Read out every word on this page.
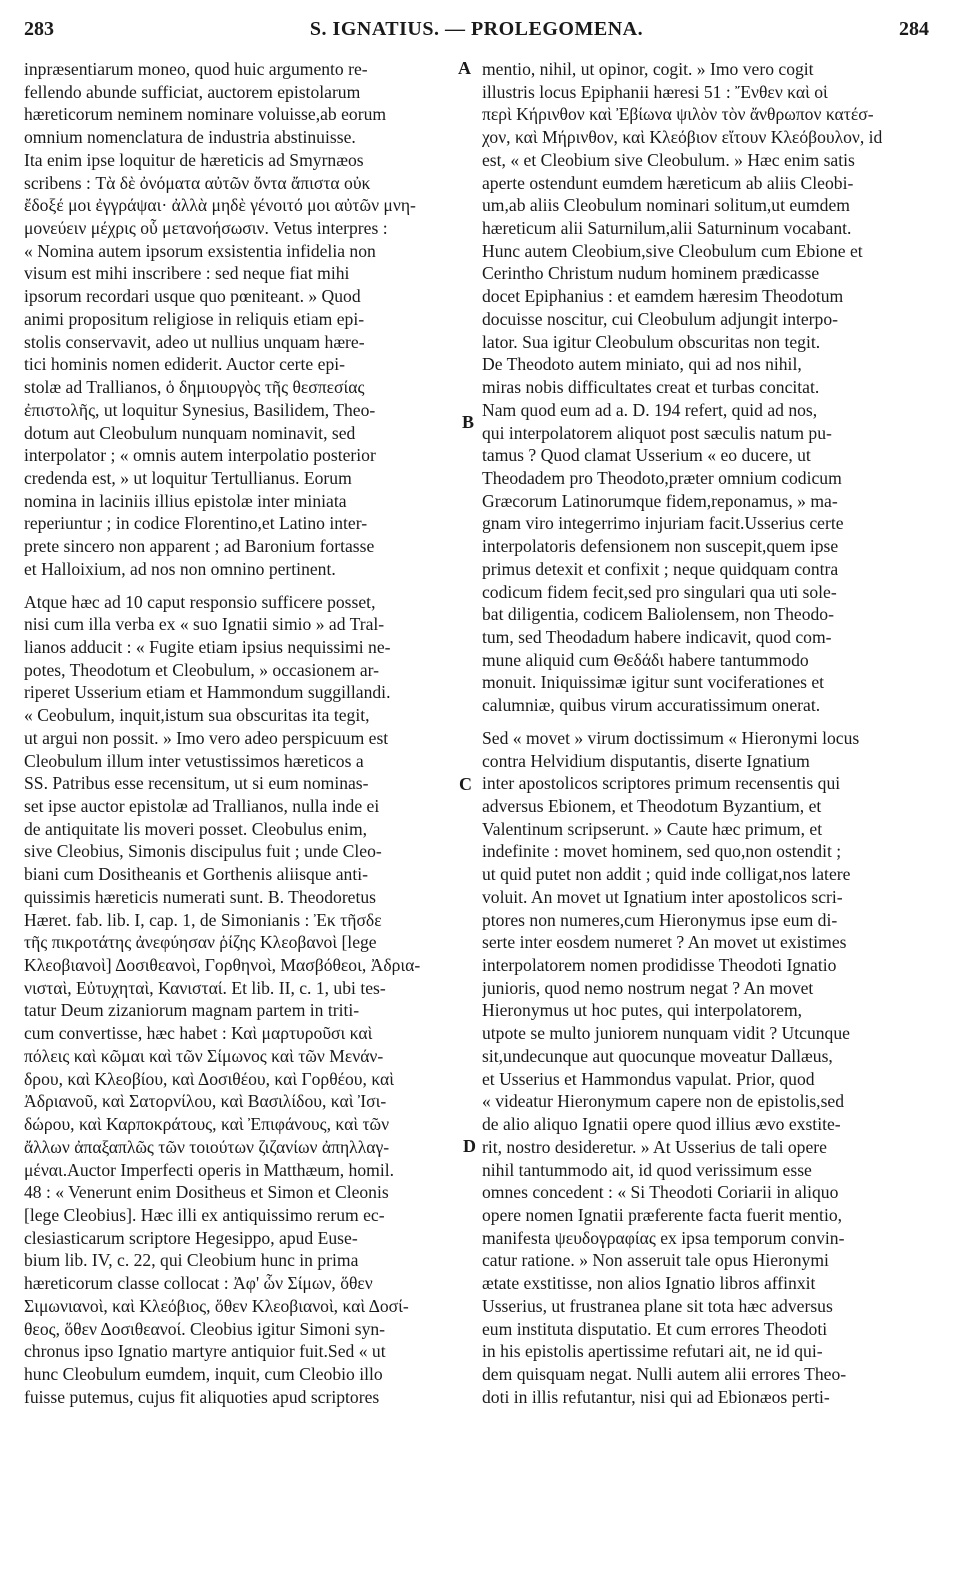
283	S. IGNATIUS. — PROLEGOMENA.	284
inpræsentiarum moneo, quod huic argumento re-
fellendo abunde sufficiat, auctorem epistolarum
hæreticorum neminem nominare voluisse,ab eorum
omnium nomenclatura de industria abstinuisse.
Ita enim ipse loquitur de hæreticis ad Smyrnæos
scribens : Τὰ δὲ ὀνόματα αὐτῶν ὄντα ἄπιστα οὐκ
ἔδοξέ μοι ἐγγράψαι· ἀλλὰ μηδὲ γένοιτό μοι αὐτῶν μνη-
μονεύειν μέχρις οὗ μετανοήσωσιν. Vetus interpres :
« Nomina autem ipsorum exsistentia infidelia non
visum est mihi inscribere : sed neque fiat mihi
ipsorum recordari usque quo pœniteant. » Quod
animi propositum religiose in reliquis etiam epi-
stolis conservavit, adeo ut nullius unquam hære-
tici hominis nomen ediderit. Auctor certe epi-
stolæ ad Trallianos, ὁ δημιουργὸς τῆς θεσπεσίας
ἐπιστολῆς, ut loquitur Synesius, Basilidem, Theo-
dotum aut Cleobulum nunquam nominavit, sed
interpolator ; « omnis autem interpolatio posterior
credenda est, » ut loquitur Tertullianus. Eorum
nomina in laciniis illius epistolæ inter miniata
reperiuntur ; in codice Florentino,et Latino inter-
prete sincero non apparent ; ad Baronium fortasse
et Halloixium, ad nos non omnino pertinent.
Atque hæc ad 10 caput responsio sufficere posset,
nisi cum illa verba ex « suo Ignatii simio » ad Tral-
lianos adducit : « Fugite etiam ipsius nequissimi ne-
potes, Theodotum et Cleobulum, » occasionem ar-
riperet Usserium etiam et Hammondum suggillandi.
« Ceobulum, inquit,istum sua obscuritas ita tegit,
ut argui non possit. » Imo vero adeo perspicuum est
Cleobulum illum inter vetustissimos hæreticos a
SS. Patribus esse recensitum, ut si eum nominas-
set ipse auctor epistolæ ad Trallianos, nulla inde ei
de antiquitate lis moveri posset. Cleobulus enim,
sive Cleobius, Simonis discipulus fuit ; unde Cleo-
biani cum Dositheanis et Gorthenis aliisque anti-
quissimis hæreticis numerati sunt. B. Theodoretus
Hæret. fab. lib. I, cap. 1, de Simonianis : Ἐκ τῆσδε
τῆς πικροτάτης ἀνεφύησαν ῥίζης Κλεοβανοὶ [lege
Κλεοβιανοὶ] Δοσιθεανοὶ, Γορθηνοὶ, Μασβόθεοι, Ἀδρια-
νισταὶ, Εὐτυχηταὶ, Κανισταί. Et lib. II, c. 1, ubi tes-
tatur Deum zizaniorum magnam partem in triti-
cum convertisse, hæc habet : Καὶ μαρτυροῦσι καὶ
πόλεις καὶ κῶμαι καὶ τῶν Σίμωνος καὶ τῶν Μενάν-
δρου, καὶ Κλεοβίου, καὶ Δοσιθέου, καὶ Γορθέου, καὶ
Ἀδριανοῦ, καὶ Σατορνίλου, καὶ Βασιλίδου, καὶ Ἰσι-
δώρου, καὶ Καρποκράτους, καὶ Ἐπιφάνους, καὶ τῶν
ἄλλων ἀπαξαπλῶς τῶν τοιούτων ζιζανίων ἀπηλλαγ-
μέναι.Auctor Imperfecti operis in Matthæum, homil.
48 : « Venerunt enim Dositheus et Simon et Cleonis
[lege Cleobius]. Hæc illi ex antiquissimo rerum ec-
clesiasticarum scriptore Hegesippo, apud Euse-
bium lib. IV, c. 22, qui Cleobium hunc in prima
hæreticorum classe collocat : Ἀφ' ὧν Σίμων, ὅθεν
Σιμωνιανοὶ, καὶ Κλεόβιος, ὅθεν Κλεοβιανοὶ, καὶ Δοσί-
θεος, ὅθεν Δοσιθεανοί. Cleobius igitur Simoni syn-
chronus ipso Ignatio martyre antiquior fuit.Sed « ut
hunc Cleobulum eumdem, inquit, cum Cleobio illo
fuisse putemus, cujus fit aliquoties apud scriptores
mentio, nihil, ut opinor, cogit. » Imo vero cogit
illustris locus Epiphanii hæresi 51 : Ἔνθεν καὶ οἱ
περὶ Κήρινθον καὶ Ἐβίωνα ψιλὸν τὸν ἄνθρωπον κατέσ-
χον, καὶ Μήρινθον, καὶ Κλεόβιον εἴτουν Κλεόβουλον, id
est, « et Cleobium sive Cleobulum. » Hæc enim satis
aperte ostendunt eumdem hæreticum ab aliis Cleobi-
um,ab aliis Cleobulum nominari solitum,ut eumdem
hæreticum alii Saturnilum,alii Saturninum vocabant.
Hunc autem Cleobium,sive Cleobulum cum Ebione et
Cerintho Christum nudum hominem prædicasse
docet Epiphanius : et eamdem hæresim Theodotum
docuisse noscitur, cui Cleobulum adjungit interpo-
lator. Sua igitur Cleobulum obscuritas non tegit.
De Theodoto autem miniato, qui ad nos nihil,
miras nobis difficultates creat et turbas concitat.
Nam quod eum ad a. D. 194 refert, quid ad nos,
qui interpolatorem aliquot post sæculis natum pu-
tamus ? Quod clamat Usserium « eo ducere, ut
Theodadem pro Theodoto,præter omnium codicum
Græcorum Latinorumque fidem,reponamus, » ma-
gnam viro integerrimo injuriam facit.Usserius certe
interpolatoris defensionem non suscepit,quem ipse
primus detexit et confixit ; neque quidquam contra
codicum fidem fecit,sed pro singulari qua uti sole-
bat diligentia, codicem Baliolensem, non Theodo-
tum, sed Theodadum habere indicavit, quod com-
mune aliquid cum Θεδάδι habere tantummodo
monuit. Iniquissimæ igitur sunt vociferationes et
calumniæ, quibus virum accuratissimum onerat.
Sed « movet » virum doctissimum « Hieronymi locus
contra Helvidium disputantis, diserte Ignatium
inter apostolicos scriptores primum recensentis qui
adversus Ebionem, et Theodotum Byzantium, et
Valentinum scripserunt. » Caute hæc primum, et
indefinite : movet hominem, sed quo,non ostendit ;
ut quid putet non addit ; quid inde colligat,nos latere
voluit. An movet ut Ignatium inter apostolicos scri-
ptores non numeres,cum Hieronymus ipse eum di-
serte inter eosdem numeret ? An movet ut existimes
interpolatorem nomen prodidisse Theodoti Ignatio
junioris, quod nemo nostrum negat ? An movet
Hieronymus ut hoc putes, qui interpolatorem,
utpote se multo juniorem nunquam vidit ? Utcunque
sit,undecunque aut quocunque moveatur Dallæus,
et Usserius et Hammondus vapulat. Prior, quod
« videatur Hieronymum capere non de epistolis,sed
de alio aliquo Ignatii opere quod illius ævo exstite-
rit, nostro desideretur. » At Usserius de tali opere
nihil tantummodo ait, id quod verissimum esse
omnes concedent : « Si Theodoti Coriarii in aliquo
opere nomen Ignatii præferente facta fuerit mentio,
manifesta ψευδογραφίας ex ipsa temporum convin-
catur ratione. » Non asseruit tale opus Hieronymi
ætate exstitisse, non alios Ignatio libros affinxit
Usserius, ut frustranea plane sit tota hæc adversus
eum instituta disputatio. Et cum errores Theodoti
in his epistolis apertissime refutari ait, ne id qui-
dem quisquam negat. Nulli autem alii errores Theo-
doti in illis refutantur, nisi qui ad Ebionæos perti-
A
B
C
D
